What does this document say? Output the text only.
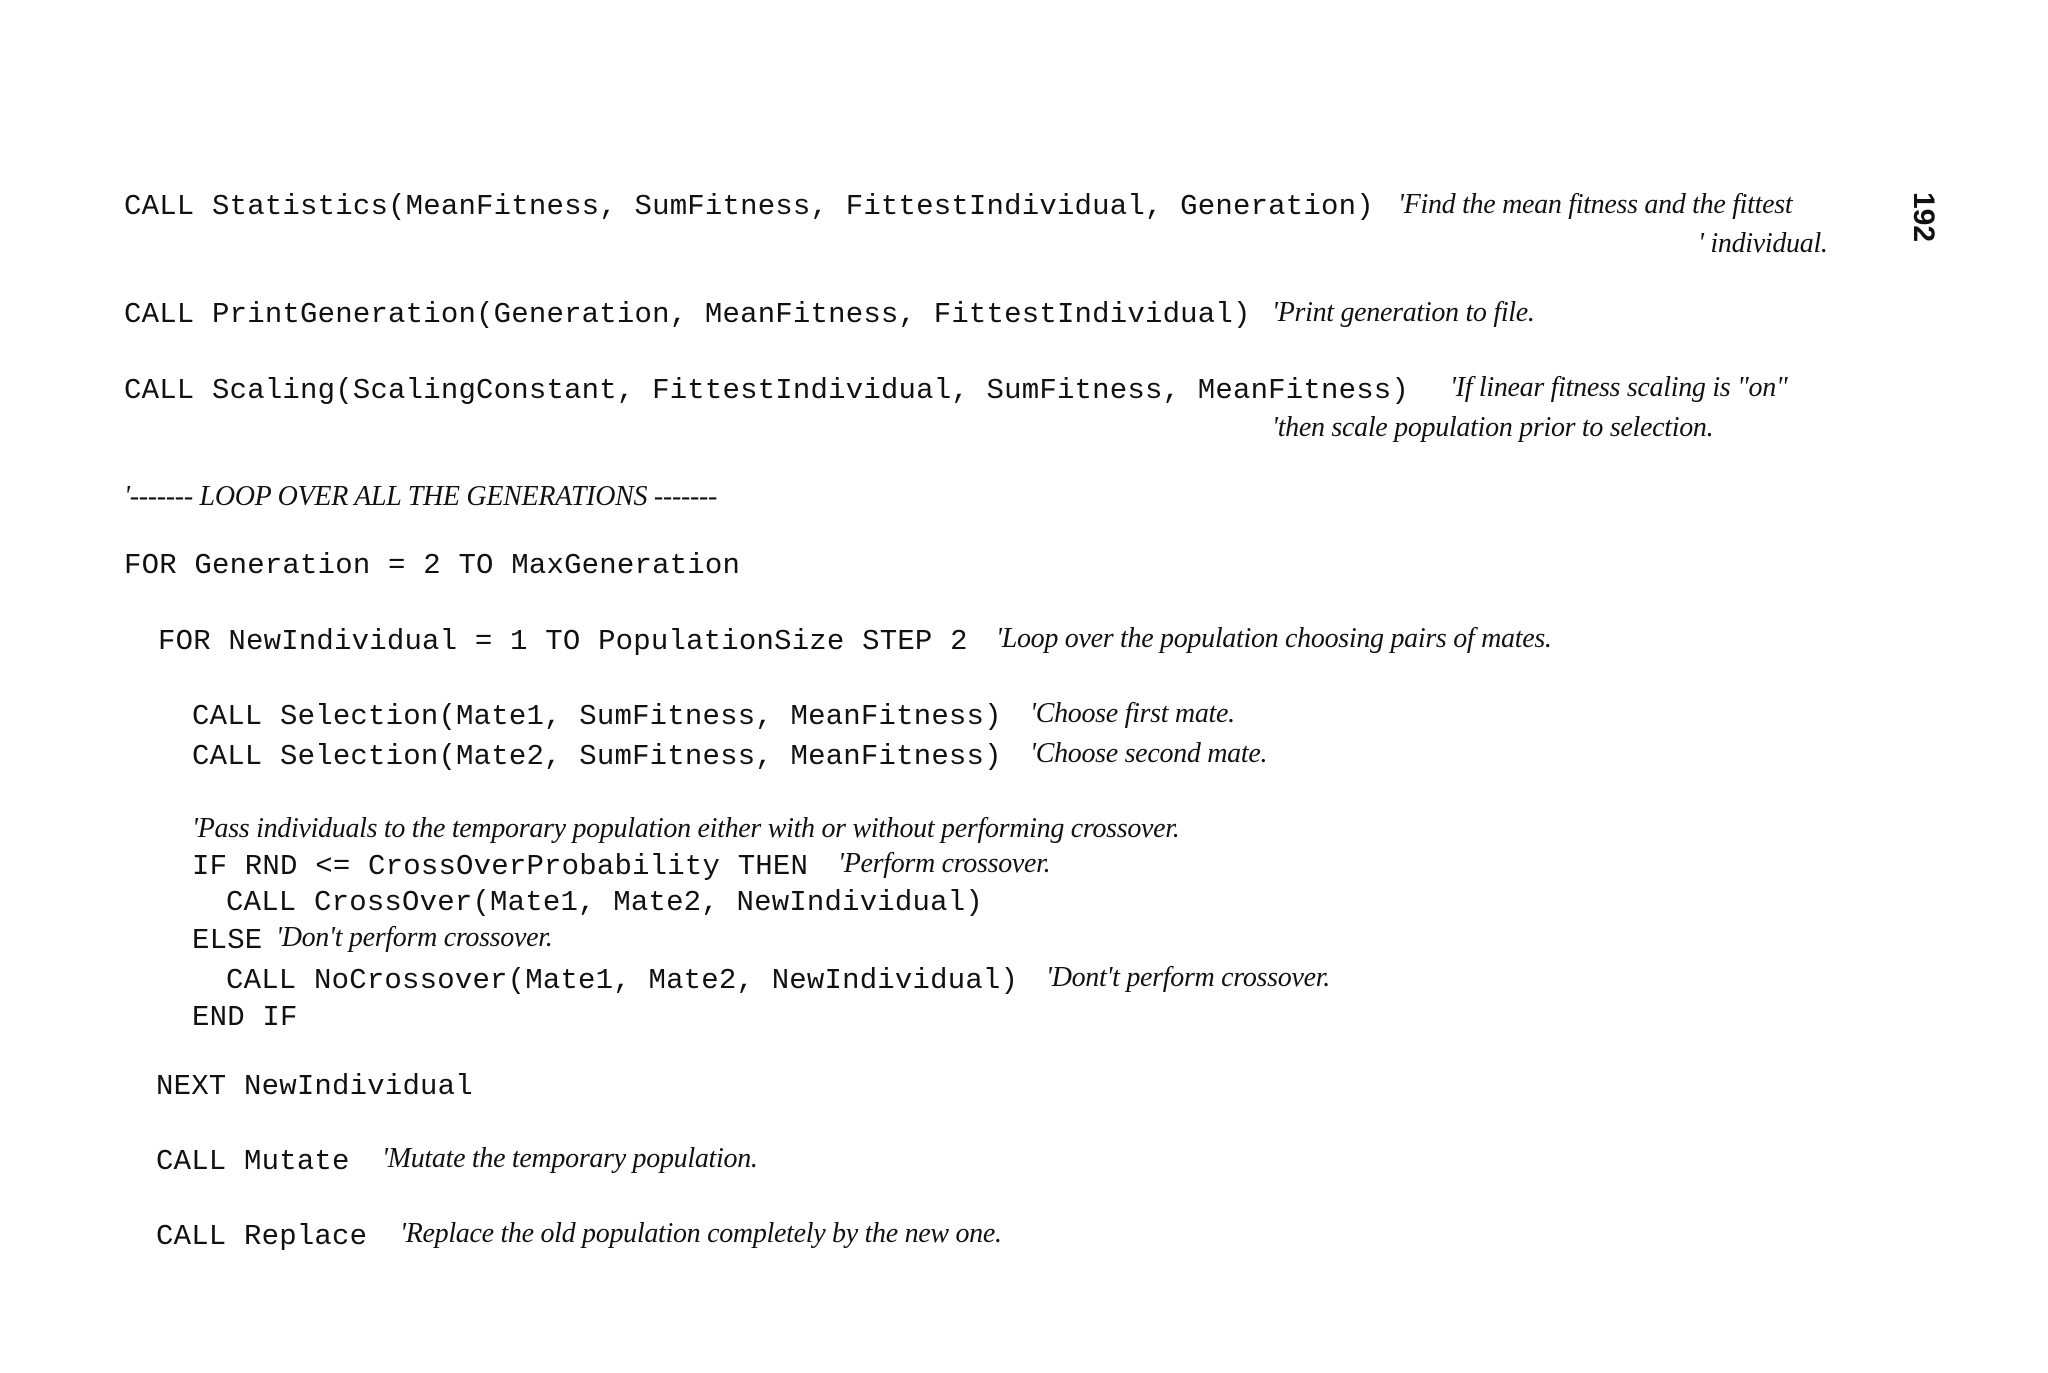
192
CALL Statistics(MeanFitness, SumFitness, FittestIndividual, Generation) 'Find the mean fitness and the fittest
' individual.
CALL PrintGeneration(Generation, MeanFitness, FittestIndividual) 'Print generation to file.
CALL Scaling(ScalingConstant, FittestIndividual, SumFitness, MeanFitness) 'If linear fitness scaling is "on"
'then scale population prior to selection.
'------- LOOP OVER ALL THE GENERATIONS -------
FOR Generation = 2 TO MaxGeneration
FOR NewIndividual = 1 TO PopulationSize STEP 2 'Loop over the population choosing pairs of mates.
CALL Selection(Mate1, SumFitness, MeanFitness) 'Choose first mate.
CALL Selection(Mate2, SumFitness, MeanFitness) 'Choose second mate.
'Pass individuals to the temporary population either with or without performing crossover.
IF RND <= CrossOverProbability THEN 'Perform crossover.
CALL CrossOver(Mate1, Mate2, NewIndividual)
ELSE 'Don't perform crossover.
CALL NoCrossover(Mate1, Mate2, NewIndividual) 'Dont't perform crossover.
END IF
NEXT NewIndividual
CALL Mutate 'Mutate the temporary population.
CALL Replace 'Replace the old population completely by the new one.
